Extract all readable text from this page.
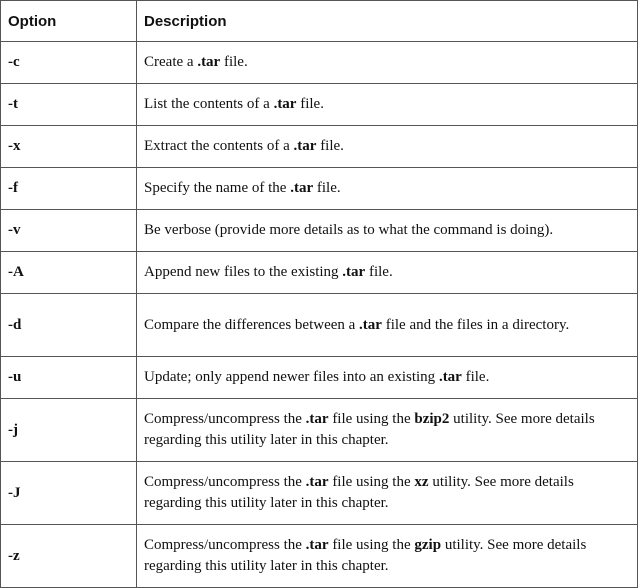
Option	Description
-c	Create a .tar file.
-t	List the contents of a .tar file.
-x	Extract the contents of a .tar file.
-f	Specify the name of the .tar file.
-v	Be verbose (provide more details as to what the command is doing).
-A	Append new files to the existing .tar file.
-d	Compare the differences between a .tar file and the files in a directory.
-u	Update; only append newer files into an existing .tar file.
-j	Compress/uncompress the .tar file using the bzip2 utility. See more details regarding this utility later in this chapter.
-J	Compress/uncompress the .tar file using the xz utility. See more details regarding this utility later in this chapter.
-z	Compress/uncompress the .tar file using the gzip utility. See more details regarding this utility later in this chapter.
